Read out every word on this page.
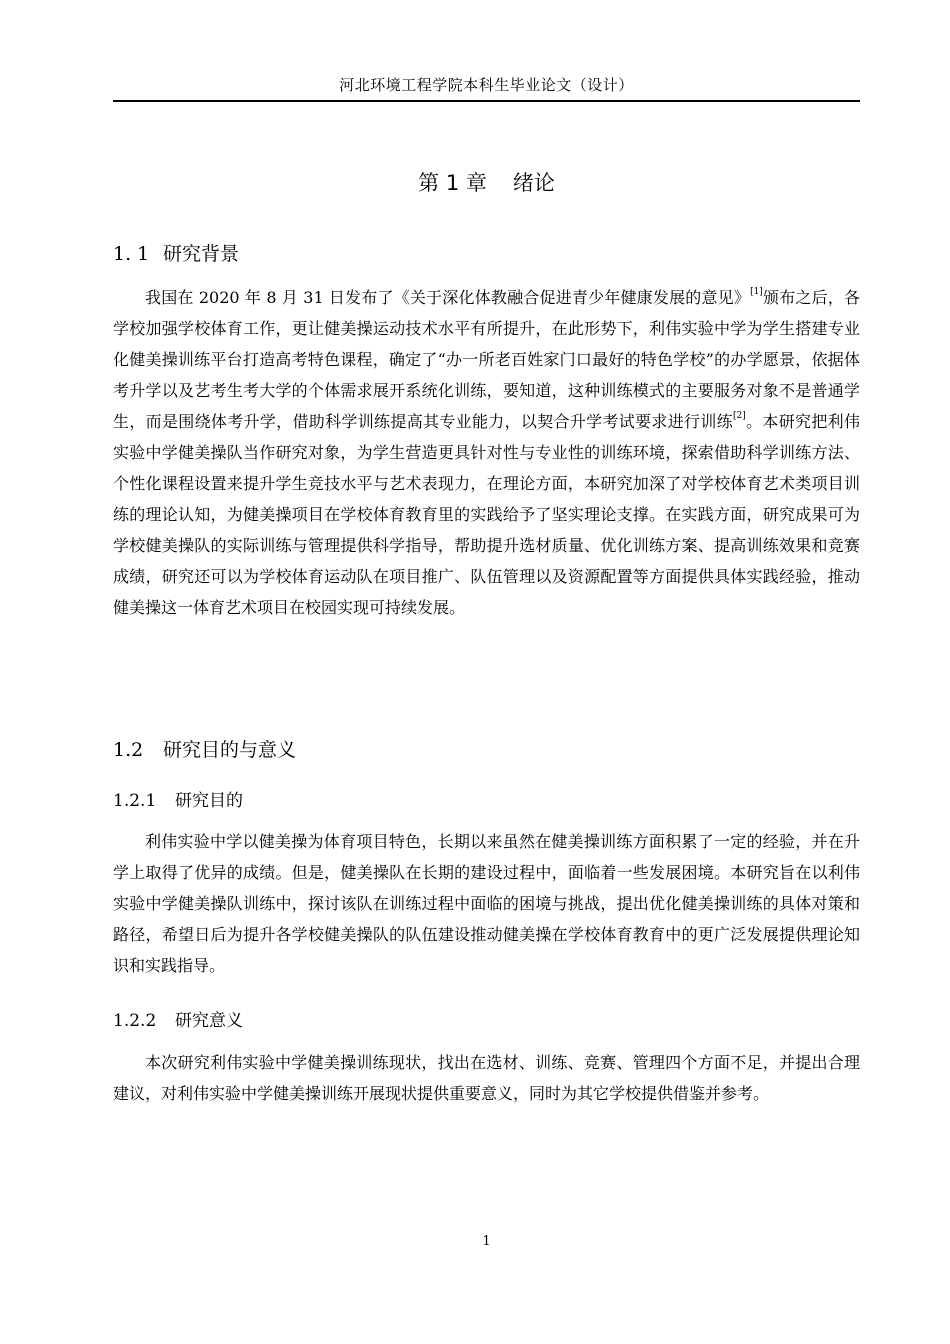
河北环境工程学院本科生毕业论文（设计）
第 1 章 绪论
1. 1 研究背景

我国在 2020 年 8 月 31 日发布了《关于深化体教融合促进青少年健康发展的意见》[1]颁布之后，各学校加强学校体育工作，更让健美操运动技术水平有所提升，在此形势下，利伟实验中学为学生搭建专业化健美操训练平台打造高考特色课程，确定了“办一所老百姓家门口最好的特色学校”的办学愿景，依据体考升学以及艺考生考大学的个体需求展开系统化训练，要知道，这种训练模式的主要服务对象不是普通学生，而是围绕体考升学，借助科学训练提高其专业能力，以契合升学考试要求进行训练[2]。本研究把利伟实验中学健美操队当作研究对象，为学生营造更具针对性与专业性的训练环境，探索借助科学训练方法、个性化课程设置来提升学生竞技水平与艺术表现力，在理论方面，本研究加深了对学校体育艺术类项目训练的理论认知，为健美操项目在学校体育教育里的实践给予了坚实理论支撑。在实践方面，研究成果可为学校健美操队的实际训练与管理提供科学指导，帮助提升选材质量、优化训练方案、提高训练效果和竞赛成绩，研究还可以为学校体育运动队在项目推广、队伍管理以及资源配置等方面提供具体实践经验，推动健美操这一体育艺术项目在校园实现可持续发展。

1.2 研究目的与意义
1.2.1 研究目的

利伟实验中学以健美操为体育项目特色，长期以来虽然在健美操训练方面积累了一定的经验，并在升学上取得了优异的成绩。但是，健美操队在长期的建设过程中，面临着一些发展困境。本研究旨在以利伟实验中学健美操队训练中，探讨该队在训练过程中面临的困境与挑战，提出优化健美操训练的具体对策和路径，希望日后为提升各学校健美操队的队伍建设推动健美操在学校体育教育中的更广泛发展提供理论知识和实践指导。

1.2.2 研究意义

本次研究利伟实验中学健美操训练现状，找出在选材、训练、竞赛、管理四个方面不足，并提出合理建议，对利伟实验中学健美操训练开展现状提供重要意义，同时为其它学校提供借鉴并参考。

1
